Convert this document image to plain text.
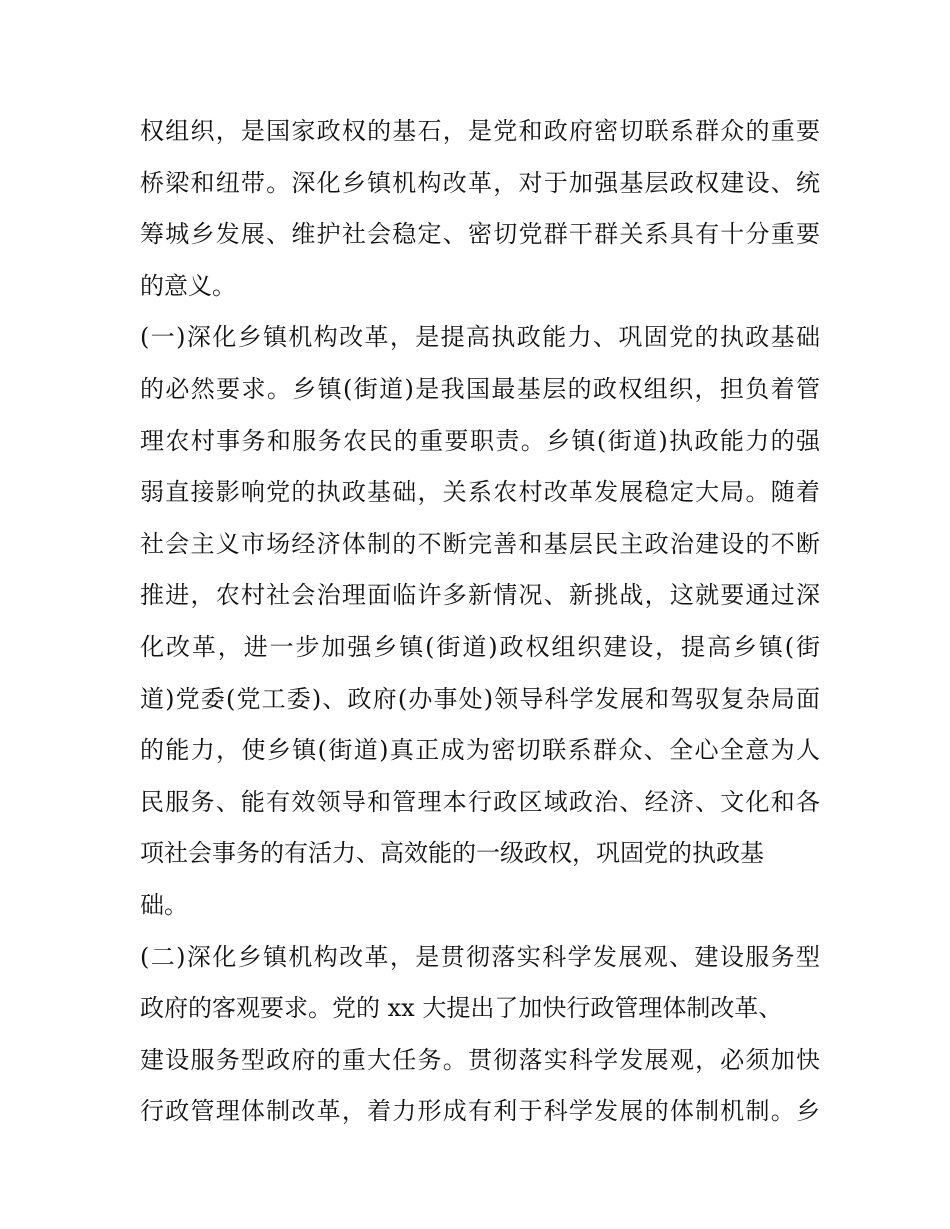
权组织，是国家政权的基石，是党和政府密切联系群众的重要
桥梁和纽带。深化乡镇机构改革，对于加强基层政权建设、统
筹城乡发展、维护社会稳定、密切党群干群关系具有十分重要
的意义。
(一)深化乡镇机构改革，是提高执政能力、巩固党的执政基础
的必然要求。乡镇(街道)是我国最基层的政权组织，担负着管
理农村事务和服务农民的重要职责。乡镇(街道)执政能力的强
弱直接影响党的执政基础，关系农村改革发展稳定大局。随着
社会主义市场经济体制的不断完善和基层民主政治建设的不断
推进，农村社会治理面临许多新情况、新挑战，这就要通过深
化改革，进一步加强乡镇(街道)政权组织建设，提高乡镇(街
道)党委(党工委)、政府(办事处)领导科学发展和驾驭复杂局面
的能力，使乡镇(街道)真正成为密切联系群众、全心全意为人
民服务、能有效领导和管理本行政区域政治、经济、文化和各
项社会事务的有活力、高效能的一级政权，巩固党的执政基
础。
(二)深化乡镇机构改革，是贯彻落实科学发展观、建设服务型
政府的客观要求。党的 xx 大提出了加快行政管理体制改革、
建设服务型政府的重大任务。贯彻落实科学发展观，必须加快
行政管理体制改革，着力形成有利于科学发展的体制机制。乡
